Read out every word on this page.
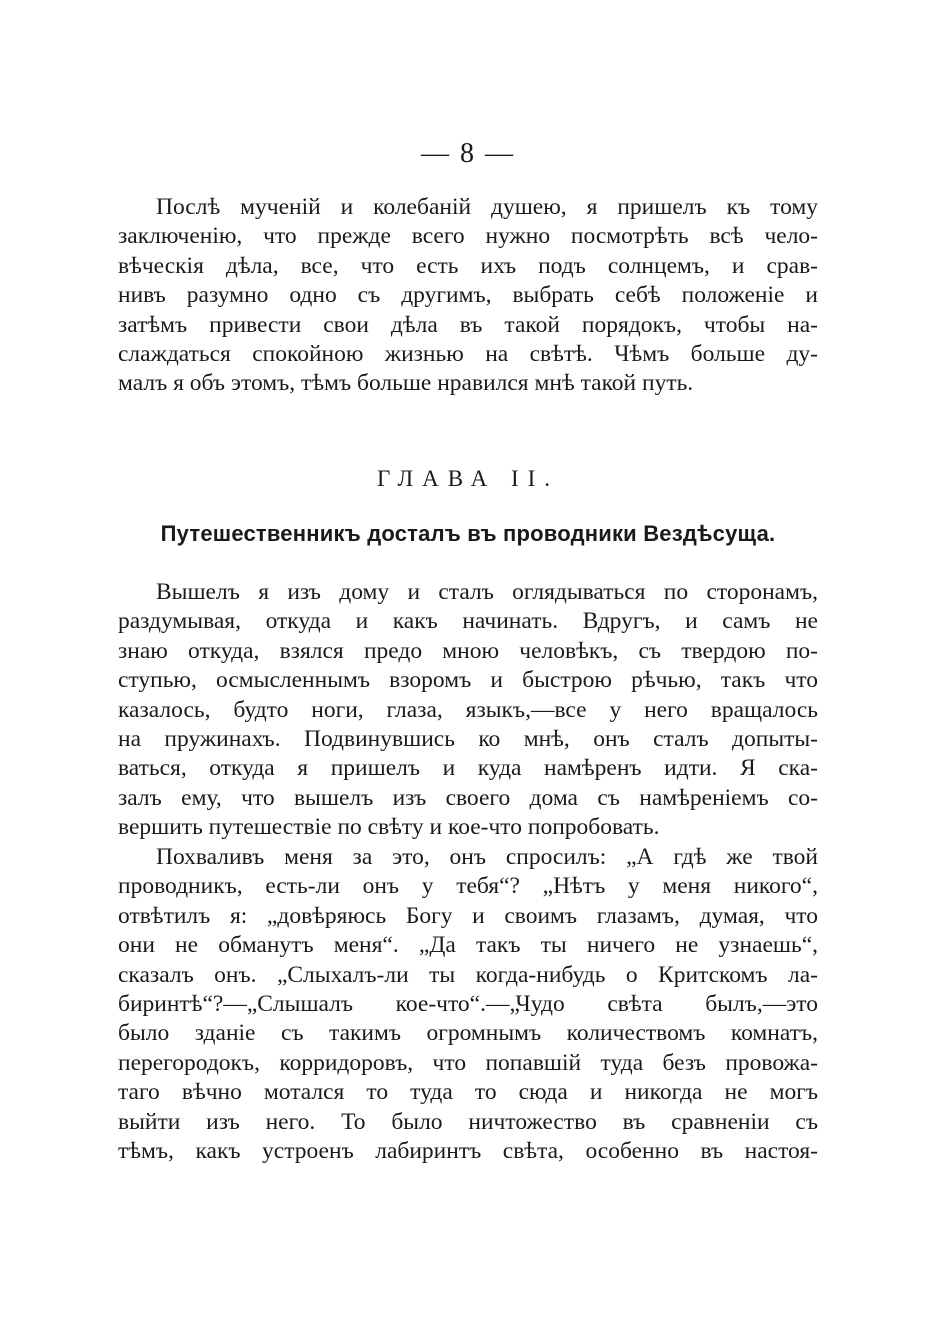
— 8 —
Послѣ мученій и колебаній душею, я пришелъ къ тому
заключенію, что прежде всего нужно посмотрѣть всѣ чело-
вѣческія дѣла, все, что есть ихъ подъ солнцемъ, и срав-
нивъ разумно одно съ другимъ, выбрать себѣ положеніе и
затѣмъ привести свои дѣла въ такой порядокъ, чтобы на-
слаждаться спокойною жизнью на свѣтѣ. Чѣмъ больше ду-
малъ я объ этомъ, тѣмъ больше нравился мнѣ такой путь.
ГЛАВА II.
Путешественникъ досталъ въ проводники Вездѣсуща.
Вышелъ я изъ дому и сталъ оглядываться по сторонамъ,
раздумывая, откуда и какъ начинать. Вдругъ, и самъ не
знаю откуда, взялся предо мною человѣкъ, съ твердою по-
ступью, осмысленнымъ взоромъ и быстрою рѣчью, такъ что
казалось, будто ноги, глаза, языкъ,—все у него вращалось
на пружинахъ. Подвинувшись ко мнѣ, онъ сталъ допыты-
ваться, откуда я пришелъ и куда намѣренъ идти. Я ска-
залъ ему, что вышелъ изъ своего дома съ намѣреніемъ со-
вершить путешествіе по свѣту и кое-что попробовать.
Похваливъ меня за это, онъ спросилъ: „А гдѣ же твой
проводникъ, есть-ли онъ у тебя“? „Нѣтъ у меня никого“,
отвѣтилъ я: „довѣряюсь Богу и своимъ глазамъ, думая, что
они не обманутъ меня“. „Да такъ ты ничего не узнаешь“,
сказалъ онъ. „Слыхалъ-ли ты когда-нибудь о Критскомъ ла-
биринтѣ“?—„Слышалъ кое-что“.—„Чудо свѣта былъ,—это
было зданіе съ такимъ огромнымъ количествомъ комнатъ,
перегородокъ, корридоровъ, что попавшій туда безъ провожа-
таго вѣчно мотался то туда то сюда и никогда не могъ
выйти изъ него. То было ничтожество въ сравненіи съ
тѣмъ, какъ устроенъ лабиринтъ свѣта, особенно въ настоя-
